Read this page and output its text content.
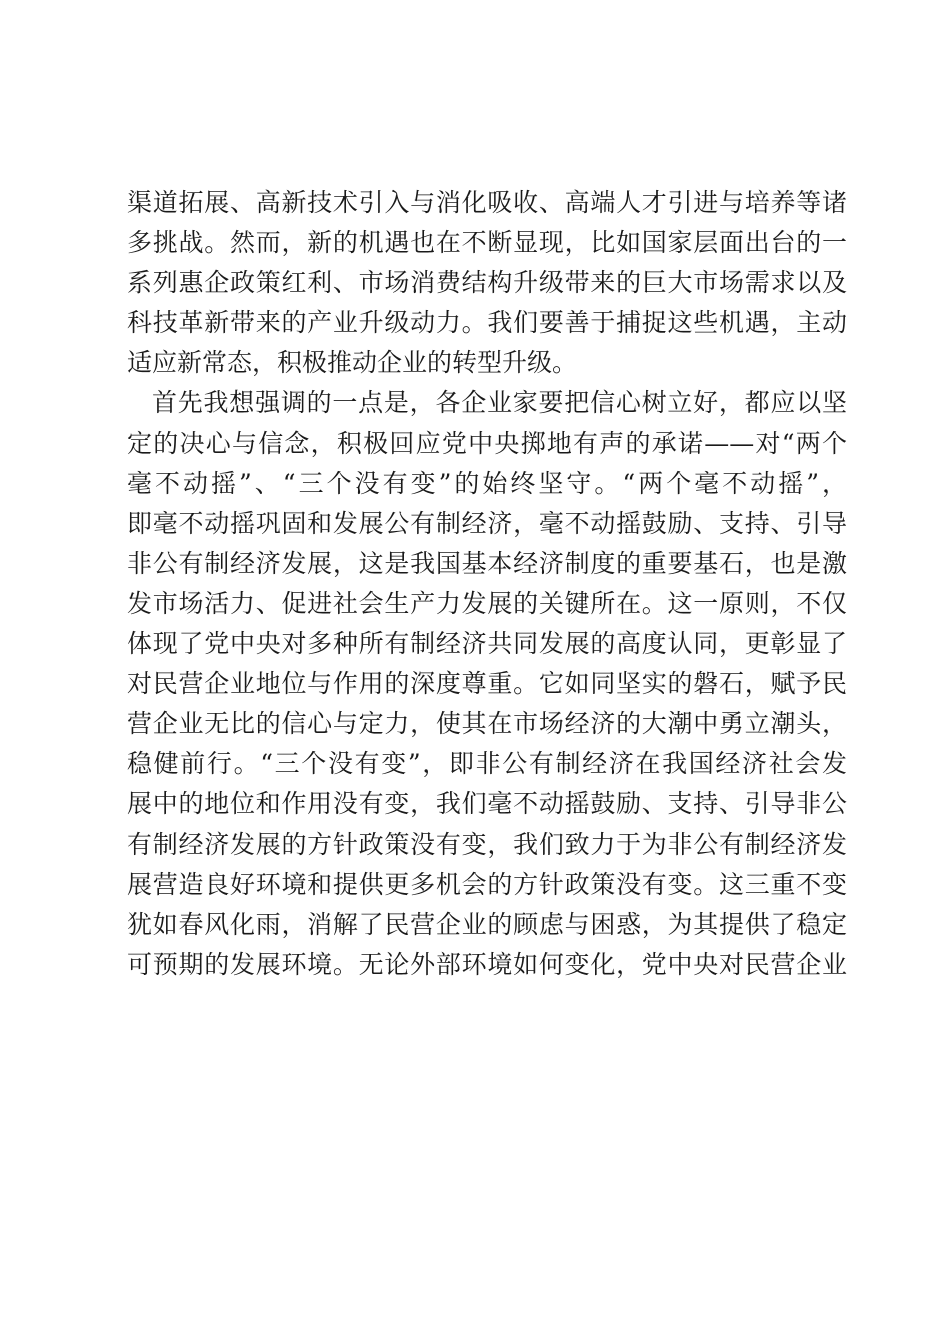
渠道拓展、高新技术引入与消化吸收、高端人才引进与培养等诸
多挑战。然而，新的机遇也在不断显现，比如国家层面出台的一
系列惠企政策红利、市场消费结构升级带来的巨大市场需求以及
科技革新带来的产业升级动力。我们要善于捕捉这些机遇，主动
适应新常态，积极推动企业的转型升级。
首先我想强调的一点是，各企业家要把信心树立好，都应以坚
定的决心与信念，积极回应党中央掷地有声的承诺——对“两个
毫不动摇”、“三个没有变”的始终坚守。“两个毫不动摇”，
即毫不动摇巩固和发展公有制经济，毫不动摇鼓励、支持、引导
非公有制经济发展，这是我国基本经济制度的重要基石，也是激
发市场活力、促进社会生产力发展的关键所在。这一原则，不仅
体现了党中央对多种所有制经济共同发展的高度认同，更彰显了
对民营企业地位与作用的深度尊重。它如同坚实的磐石，赋予民
营企业无比的信心与定力，使其在市场经济的大潮中勇立潮头，
稳健前行。“三个没有变”，即非公有制经济在我国经济社会发
展中的地位和作用没有变，我们毫不动摇鼓励、支持、引导非公
有制经济发展的方针政策没有变，我们致力于为非公有制经济发
展营造良好环境和提供更多机会的方针政策没有变。这三重不变
犹如春风化雨，消解了民营企业的顾虑与困惑，为其提供了稳定
可预期的发展环境。无论外部环境如何变化，党中央对民营企业
